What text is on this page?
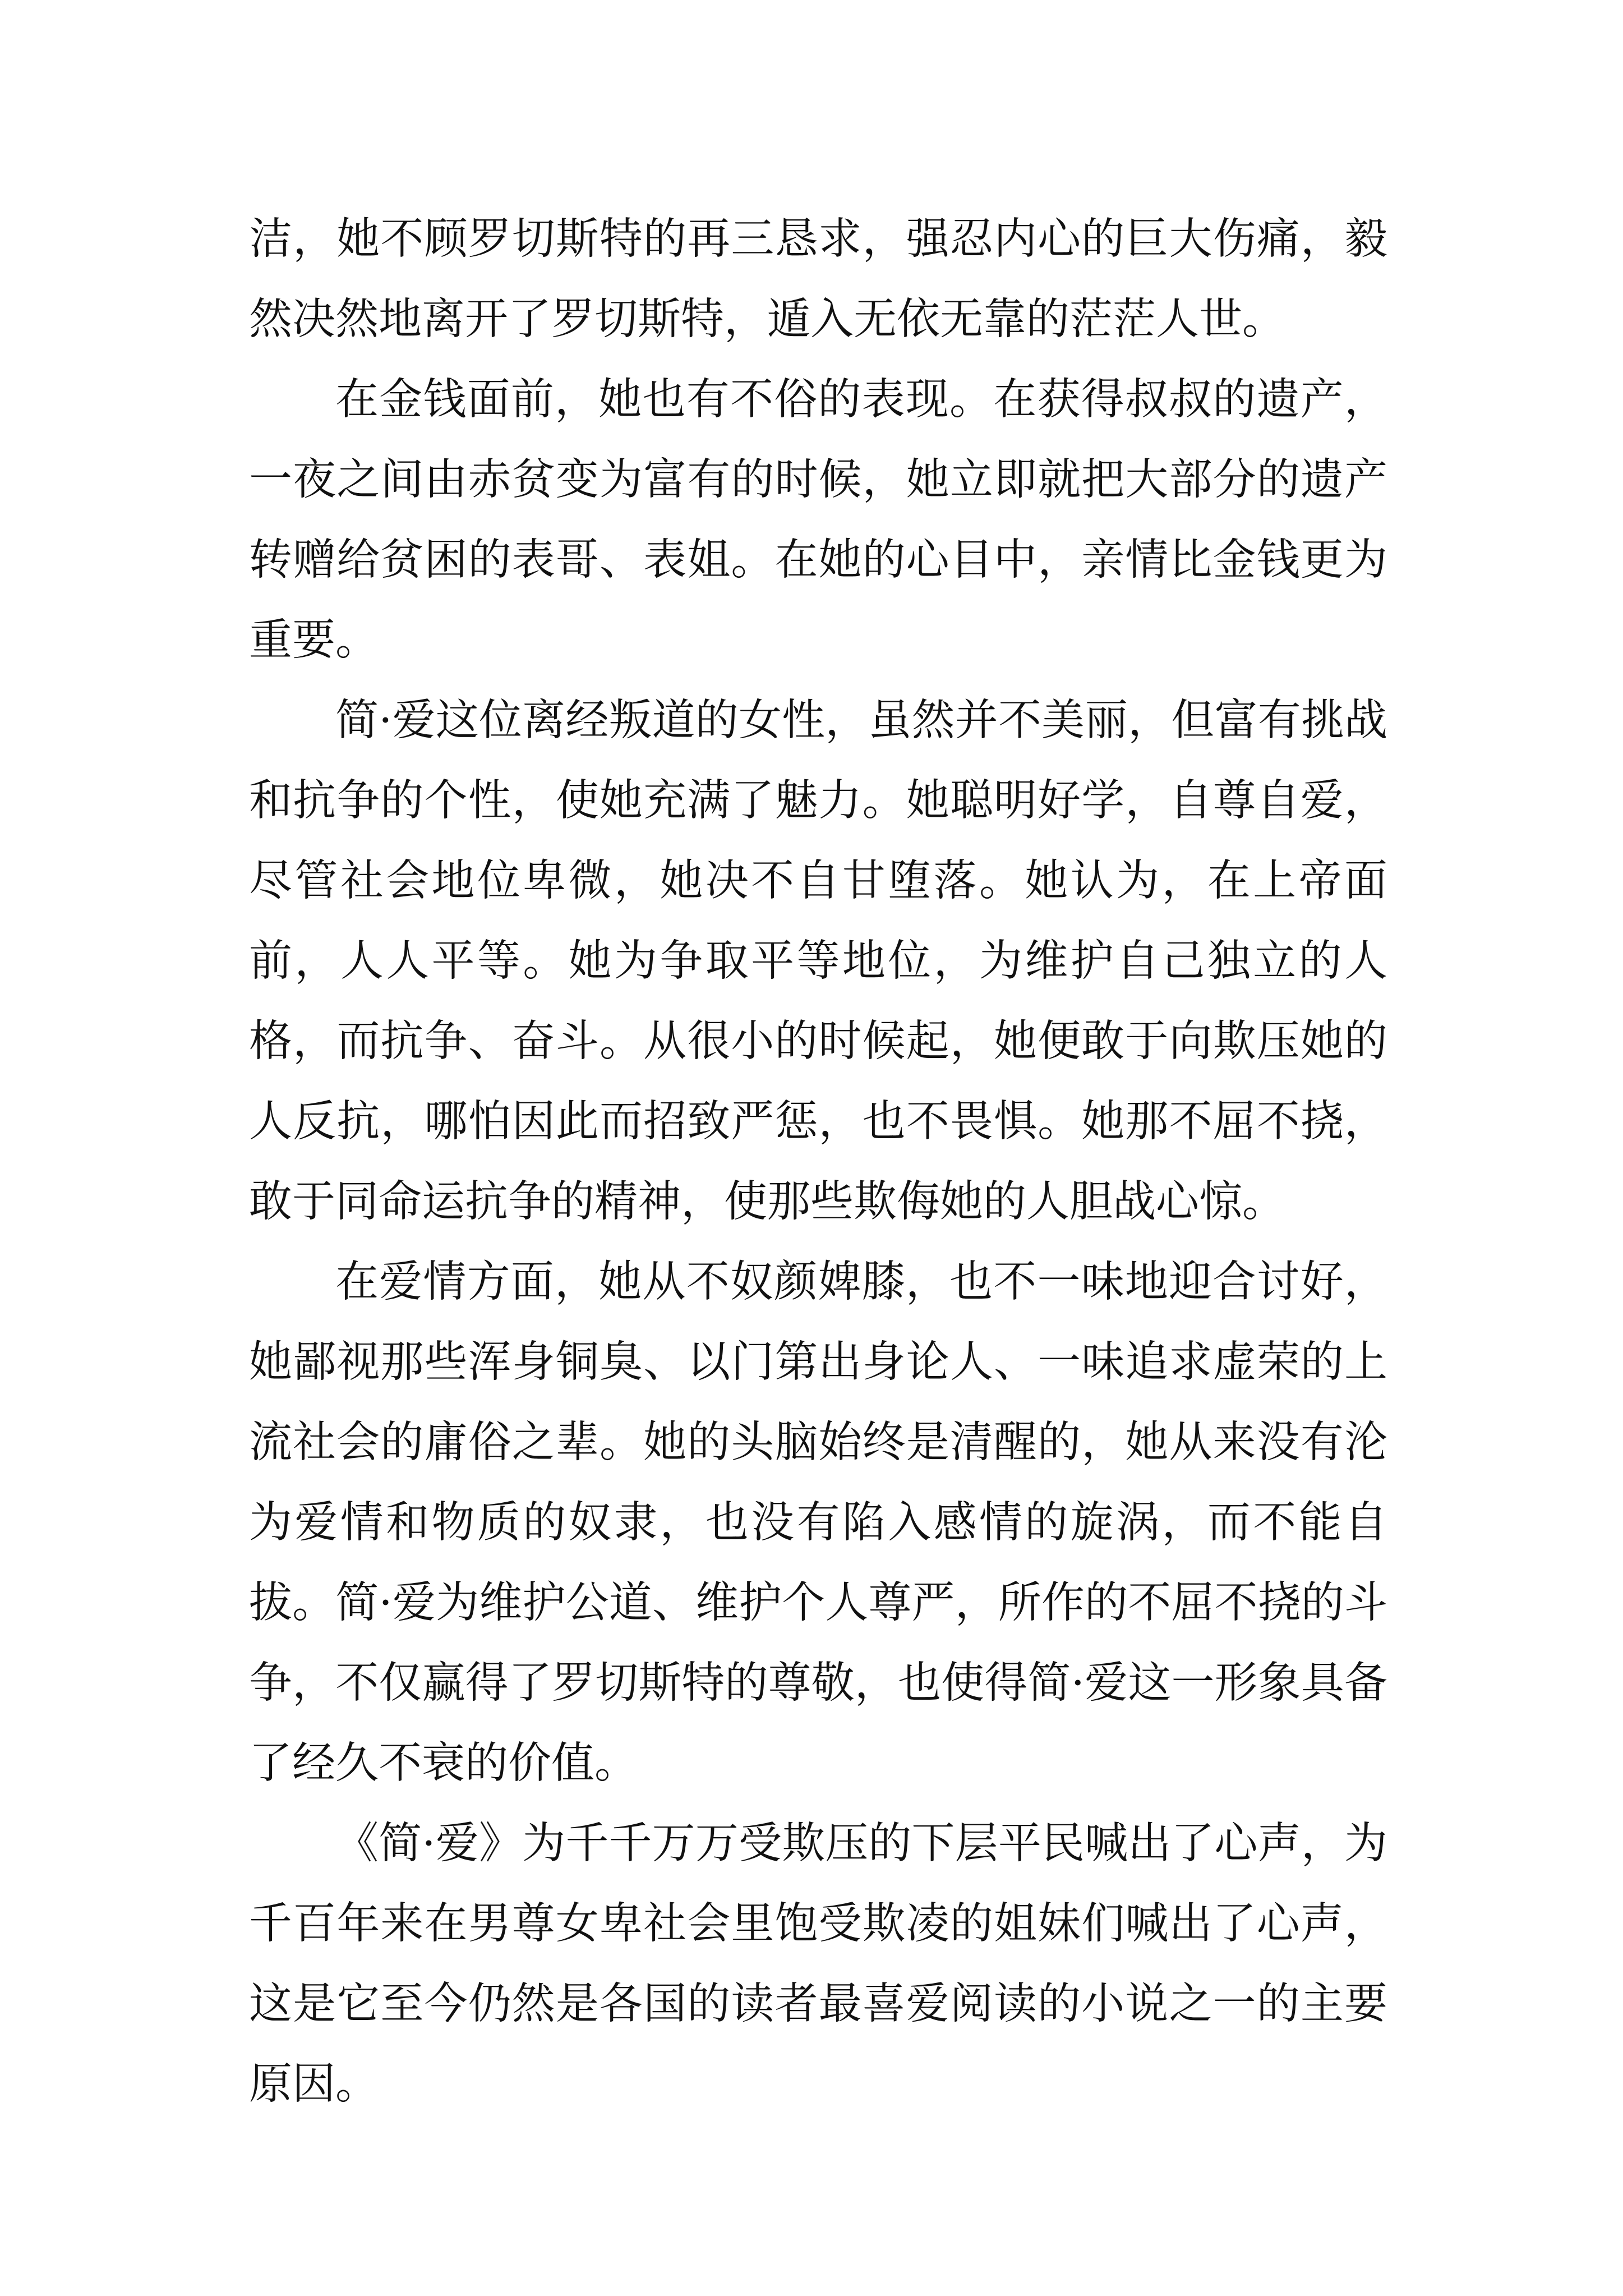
洁，她不顾罗切斯特的再三恳求，强忍内心的巨大伤痛，毅然决然地离开了罗切斯特，遁入无依无靠的茫茫人世。

在金钱面前，她也有不俗的表现。在获得叔叔的遗产，一夜之间由赤贫变为富有的时候，她立即就把大部分的遗产转赠给贫困的表哥、表姐。在她的心目中，亲情比金钱更为重要。

简·爱这位离经叛道的女性，虽然并不美丽，但富有挑战和抗争的个性，使她充满了魅力。她聪明好学，自尊自爱，尽管社会地位卑微，她决不自甘堕落。她认为，在上帝面前，人人平等。她为争取平等地位，为维护自己独立的人格，而抗争、奋斗。从很小的时候起，她便敢于向欺压她的人反抗，哪怕因此而招致严惩，也不畏惧。她那不屈不挠，敢于同命运抗争的精神，使那些欺侮她的人胆战心惊。

在爱情方面，她从不奴颜婢膝，也不一味地迎合讨好，她鄙视那些浑身铜臭、以门第出身论人、一味追求虚荣的上流社会的庸俗之辈。她的头脑始终是清醒的，她从来没有沦为爱情和物质的奴隶，也没有陷入感情的旋涡，而不能自拔。简·爱为维护公道、维护个人尊严，所作的不屈不挠的斗争，不仅赢得了罗切斯特的尊敬，也使得简·爱这一形象具备了经久不衰的价值。

《简·爱》为千千万万受欺压的下层平民喊出了心声，为千百年来在男尊女卑社会里饱受欺凌的姐妹们喊出了心声，这是它至今仍然是各国的读者最喜爱阅读的小说之一的主要原因。
